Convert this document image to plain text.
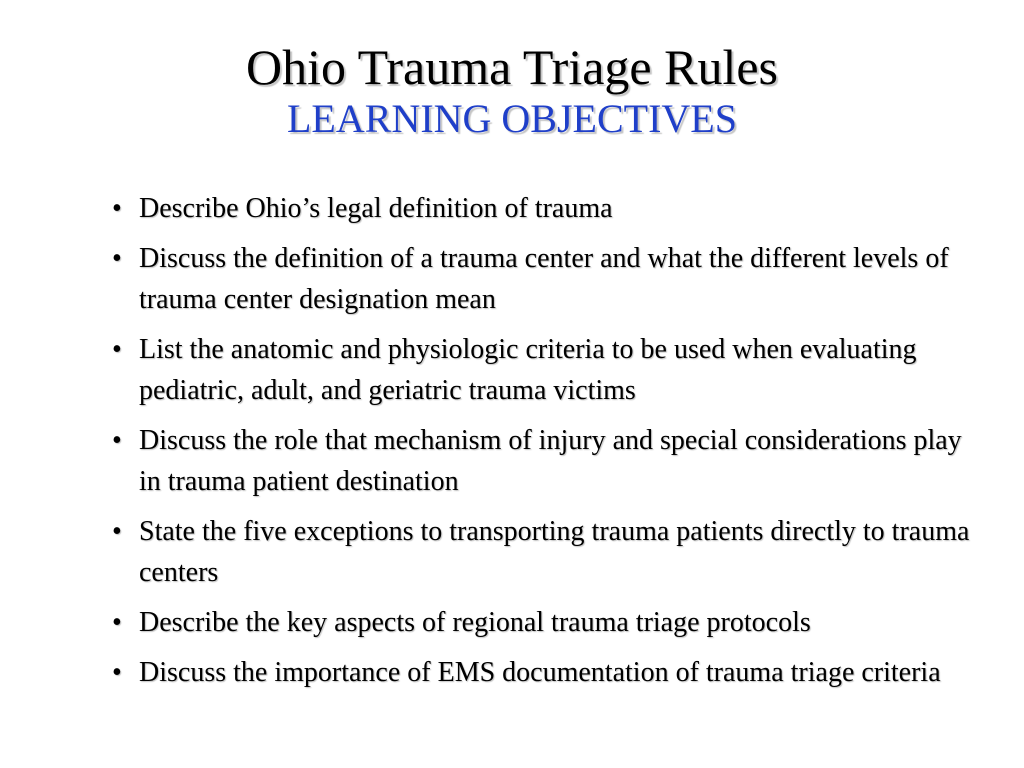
Ohio Trauma Triage Rules
LEARNING OBJECTIVES
• Describe Ohio’s legal definition of trauma
• Discuss the definition of a trauma center and what the different levels of trauma center designation mean
• List the anatomic and physiologic criteria to be used when evaluating pediatric, adult, and geriatric trauma victims
• Discuss the role that mechanism of injury and special considerations play in trauma patient destination
• State the five exceptions to transporting trauma patients directly to trauma centers
• Describe the key aspects of regional trauma triage protocols
• Discuss the importance of EMS documentation of trauma triage criteria
